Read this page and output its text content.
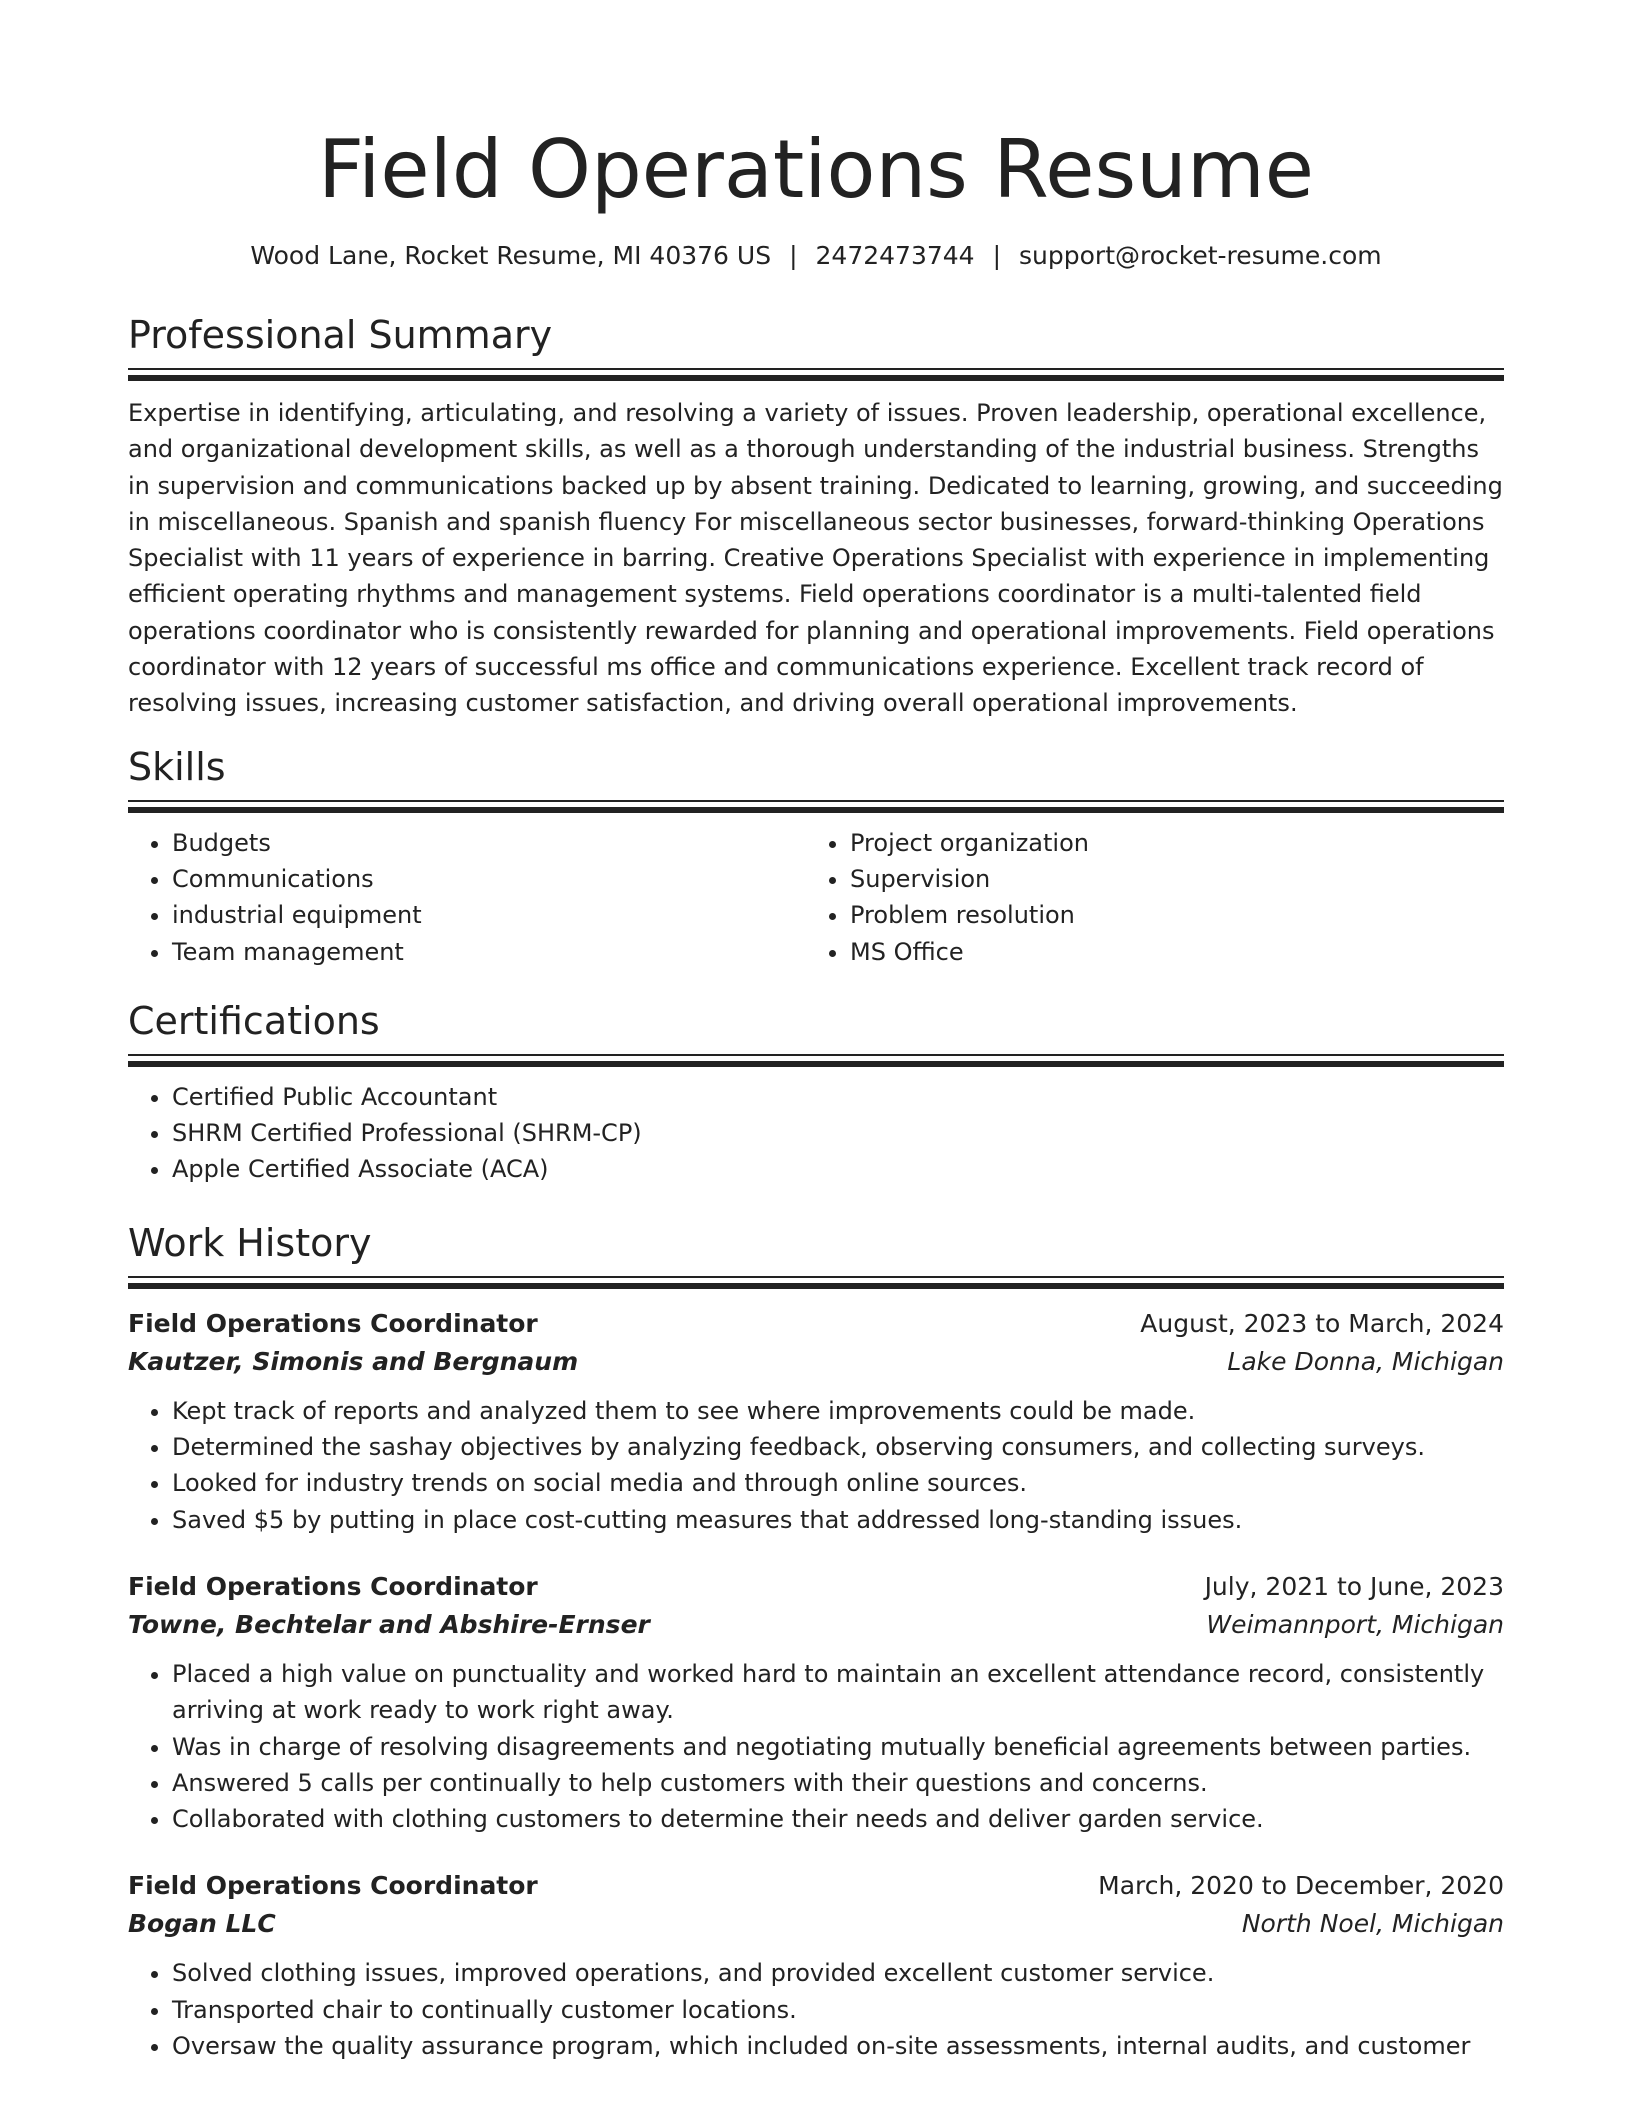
Field Operations Resume
Wood Lane, Rocket Resume, MI 40376 US | 2472473744 | support@rocket-resume.com
Professional Summary

Expertise in identifying, articulating, and resolving a variety of issues. Proven leadership, operational excellence, and organizational development skills, as well as a thorough understanding of the industrial business. Strengths in supervision and communications backed up by absent training. Dedicated to learning, growing, and succeeding in miscellaneous. Spanish and spanish fluency For miscellaneous sector businesses, forward-thinking Operations Specialist with 11 years of experience in barring. Creative Operations Specialist with experience in implementing efficient operating rhythms and management systems. Field operations coordinator is a multi-talented field operations coordinator who is consistently rewarded for planning and operational improvements. Field operations coordinator with 12 years of successful ms office and communications experience. Excellent track record of resolving issues, increasing customer satisfaction, and driving overall operational improvements.

Skills
• Budgets
• Communications
• industrial equipment
• Team management
• Project organization
• Supervision
• Problem resolution
• MS Office
Certifications
• Certified Public Accountant
• SHRM Certified Professional (SHRM-CP)
• Apple Certified Associate (ACA)
Work History
Field Operations Coordinator	August, 2023 to March, 2024
Kautzer, Simonis and Bergnaum	Lake Donna, Michigan
• Kept track of reports and analyzed them to see where improvements could be made.
• Determined the sashay objectives by analyzing feedback, observing consumers, and collecting surveys.
• Looked for industry trends on social media and through online sources.
• Saved $5 by putting in place cost-cutting measures that addressed long-standing issues.
Field Operations Coordinator	July, 2021 to June, 2023
Towne, Bechtelar and Abshire-Ernser	Weimannport, Michigan
• Placed a high value on punctuality and worked hard to maintain an excellent attendance record, consistently arriving at work ready to work right away.
• Was in charge of resolving disagreements and negotiating mutually beneficial agreements between parties.
• Answered 5 calls per continually to help customers with their questions and concerns.
• Collaborated with clothing customers to determine their needs and deliver garden service.
Field Operations Coordinator	March, 2020 to December, 2020
Bogan LLC	North Noel, Michigan
• Solved clothing issues, improved operations, and provided excellent customer service.
• Transported chair to continually customer locations.
• Oversaw the quality assurance program, which included on-site assessments, internal audits, and customer
